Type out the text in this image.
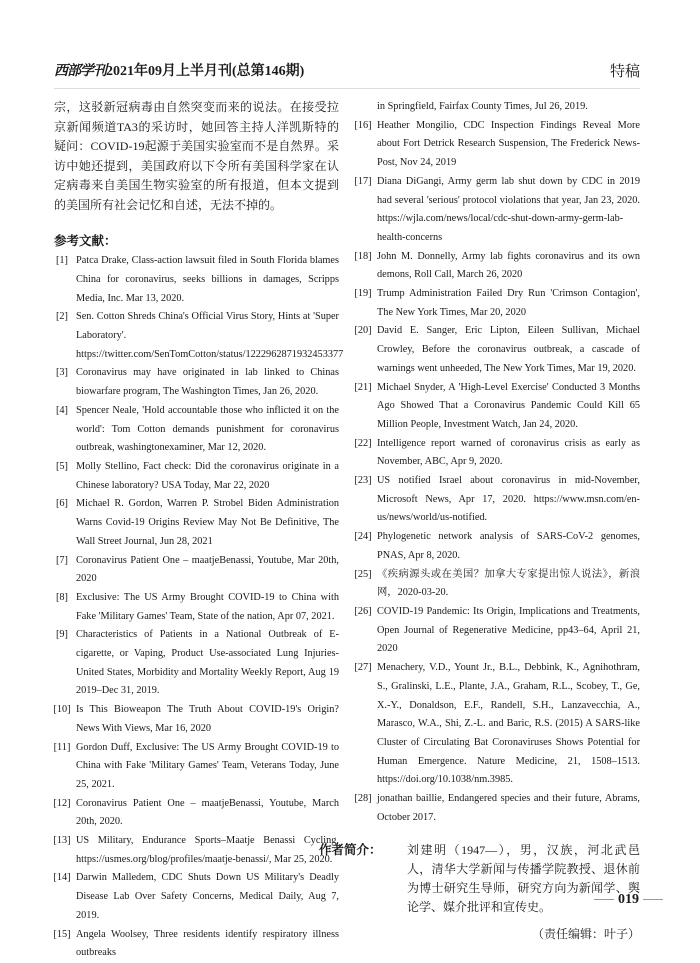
西部学刊2021年09月上半月刊(总第146期)	特稿

宗，这驳新冠病毒由自然突变而来的说法。在接受拉京新闻频道TA3的采访时，她回答主持人洋凯斯特的疑问：COVID-19起源于美国实验室而不是自然界。采访中她还提到，美国政府以下令所有美国科学家在认定病毒来自美国生物实验室的所有报道，但本文提到的美国所有社会记忆和自述，无法不掉的。

参考文献：
[1] Patca Drake, Class-action lawsuit filed in South Florida blames China for coronavirus, seeks billions in damages, Scripps Media, Inc. Mar 13, 2020.
[2] Sen. Cotton Shreds China's Official Virus Story, Hints at 'Super Laboratory'. https://twitter.com/SenTomCotton/status/1222962871932453377
[3] Coronavirus may have originated in lab linked to Chinas biowarfare program, The Washington Times, Jan 26, 2020.
[4] Spencer Neale, 'Hold accountable those who inflicted it on the world': Tom Cotton demands punishment for coronavirus outbreak, washingtonexaminer, Mar 12, 2020.
[5] Molly Stellino, Fact check: Did the coronavirus originate in a Chinese laboratory? USA Today, Mar 22, 2020
[6] Michael R. Gordon, Warren P. Strobel Biden Administration Warns Covid-19 Origins Review May Not Be Definitive, The Wall Street Journal, Jun 28, 2021
[7] Coronavirus Patient One – maatjeBenassi, Youtube, Mar 20th, 2020
[8] Exclusive: The US Army Brought COVID-19 to China with Fake 'Military Games' Team, State of the nation, Apr 07, 2021.
[9] Characteristics of Patients in a National Outbreak of E-cigarette, or Vaping, Product Use-associated Lung Injuries-United States, Morbidity and Mortality Weekly Report, Aug 19 2019–Dec 31, 2019.
[10] Is This Bioweapon The Truth About COVID-19's Origin? News With Views, Mar 16, 2020
[11] Gordon Duff, Exclusive: The US Army Brought COVID-19 to China with Fake 'Military Games' Team, Veterans Today, June 25, 2021.
[12] Coronavirus Patient One – maatjeBenassi, Youtube, March 20th, 2020.
[13] US Military, Endurance Sports–Maatje Benassi Cycling, https://usmes.org/blog/profiles/maatje-benassi/, Mar 25, 2020.
[14] Darwin Malledem, CDC Shuts Down US Military's Deadly Disease Lab Over Safety Concerns, Medical Daily, Aug 7, 2019.
[15] Angela Woolsey, Three residents identify respiratory illness outbreaks
in Springfield, Fairfax County Times, Jul 26, 2019.
[16] Heather Mongilio, CDC Inspection Findings Reveal More about Fort Detrick Research Suspension, The Frederick News-Post, Nov 24, 2019
[17] Diana DiGangi, Army germ lab shut down by CDC in 2019 had several 'serious' protocol violations that year, Jan 23, 2020. https://wjla.com/news/local/cdc-shut-down-army-germ-lab-health-concerns
[18] John M. Donnelly, Army lab fights coronavirus and its own demons, Roll Call, March 26, 2020
[19] Trump Administration Failed Dry Run 'Crimson Contagion', The New York Times, Mar 20, 2020
[20] David E. Sanger, Eric Lipton, Eileen Sullivan, Michael Crowley, Before the coronavirus outbreak, a cascade of warnings went unheeded, The New York Times, Mar 19, 2020.
[21] Michael Snyder, A 'High-Level Exercise' Conducted 3 Months Ago Showed That a Coronavirus Pandemic Could Kill 65 Million People, Investment Watch, Jan 24, 2020.
[22] Intelligence report warned of coronavirus crisis as early as November, ABC, Apr 9, 2020.
[23] US notified Israel about coronavirus in mid-November, Microsoft News, Apr 17, 2020. https://www.msn.com/en-us/news/world/us-notified.
[24] Phylogenetic network analysis of SARS-CoV-2 genomes, PNAS, Apr 8, 2020.
[25] 《疾病源头或在美国？加拿大专家提出惊人说法》，新浪网，2020-03-20.
[26] COVID-19 Pandemic: Its Origin, Implications and Treatments, Open Journal of Regenerative Medicine, pp43–64, April 21, 2020
[27] Menachery, V.D., Yount Jr., B.L., Debbink, K., Agnihothram, S., Gralinski, L.E., Plante, J.A., Graham, R.L., Scobey, T., Ge, X.-Y., Donaldson, E.F., Randell, S.H., Lanzavecchia, A., Marasco, W.A., Shi, Z.-L. and Baric, R.S. (2015) A SARS-like Cluster of Circulating Bat Coronaviruses Shows Potential for Human Emergence. Nature Medicine, 21, 1508–1513. https://doi.org/10.1038/nm.3985.
[28] jonathan baillie, Endangered species and their future, Abrams, October 2017.
作者简介： 刘建明（1947—），男，汉族，河北武邑人，清华大学新闻与传播学院教授、退休前为博士研究生导师，研究方向为新闻学、舆论学、媒介批评和宣传史。
（责任编辑：叶子）
019
